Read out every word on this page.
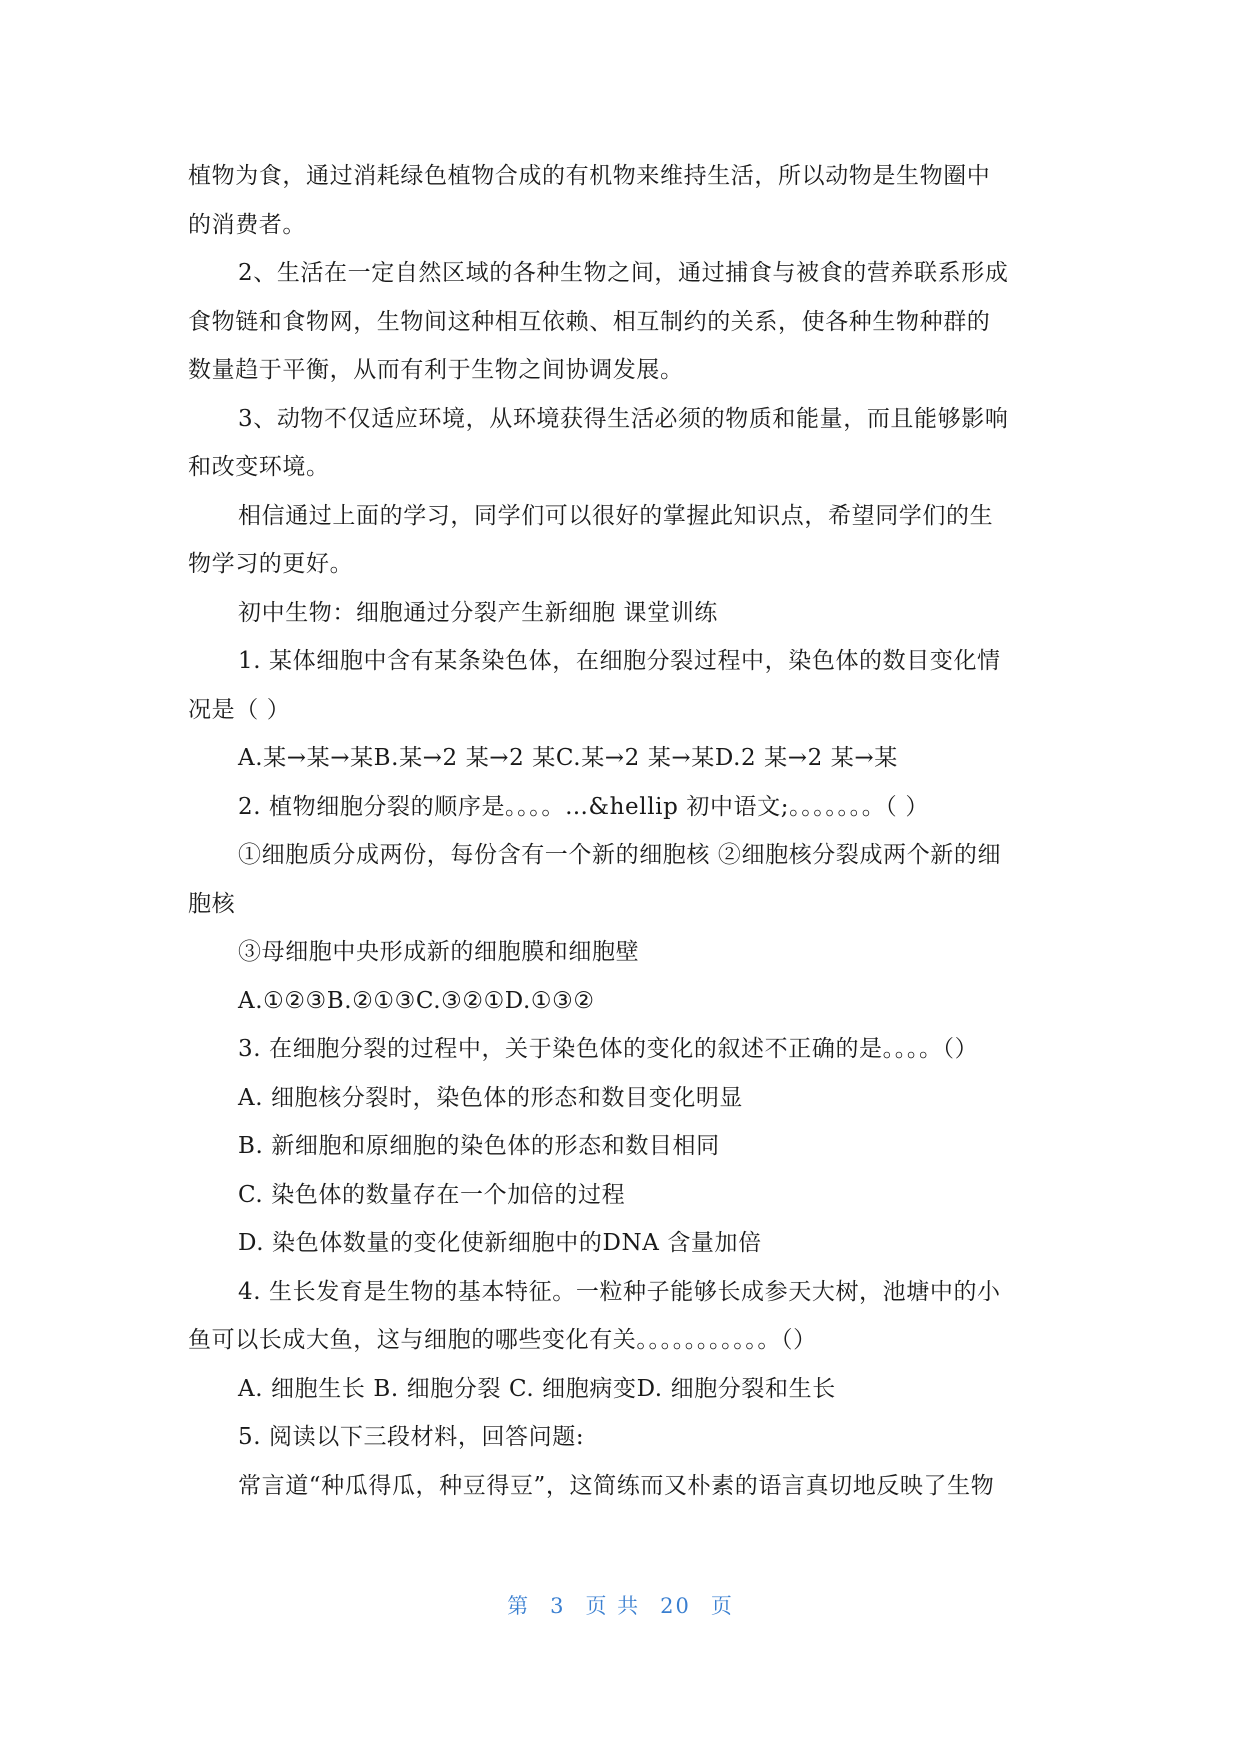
植物为食，通过消耗绿色植物合成的有机物来维持生活，所以动物是生物圈中
的消费者。
2、生活在一定自然区域的各种生物之间，通过捕食与被食的营养联系形成
食物链和食物网，生物间这种相互依赖、相互制约的关系，使各种生物种群的
数量趋于平衡，从而有利于生物之间协调发展。
3、动物不仅适应环境，从环境获得生活必须的物质和能量，而且能够影响
和改变环境。
相信通过上面的学习，同学们可以很好的掌握此知识点，希望同学们的生
物学习的更好。
初中生物：细胞通过分裂产生新细胞 课堂训练
1. 某体细胞中含有某条染色体，在细胞分裂过程中，染色体的数目变化情
况是（ ）
A.某→某→某B.某→2 某→2 某C.某→2 某→某D.2 某→2 某→某
2. 植物细胞分裂的顺序是。。。。…&hellip 初中语文;。。。。。。。（ ）
①细胞质分成两份，每份含有一个新的细胞核 ②细胞核分裂成两个新的细
胞核
③母细胞中央形成新的细胞膜和细胞壁
A.①②③B.②①③C.③②①D.①③②
3. 在细胞分裂的过程中，关于染色体的变化的叙述不正确的是。。。。（）
A. 细胞核分裂时，染色体的形态和数目变化明显
B. 新细胞和原细胞的染色体的形态和数目相同
C. 染色体的数量存在一个加倍的过程
D. 染色体数量的变化使新细胞中的DNA 含量加倍
4. 生长发育是生物的基本特征。一粒种子能够长成参天大树，池塘中的小
鱼可以长成大鱼，这与细胞的哪些变化有关。。。。。。。。。。。（）
A. 细胞生长 B. 细胞分裂 C. 细胞病变D. 细胞分裂和生长
5. 阅读以下三段材料，回答问题:
常言道“种瓜得瓜，种豆得豆”，这简练而又朴素的语言真切地反映了生物
第 3 页 共 20 页
